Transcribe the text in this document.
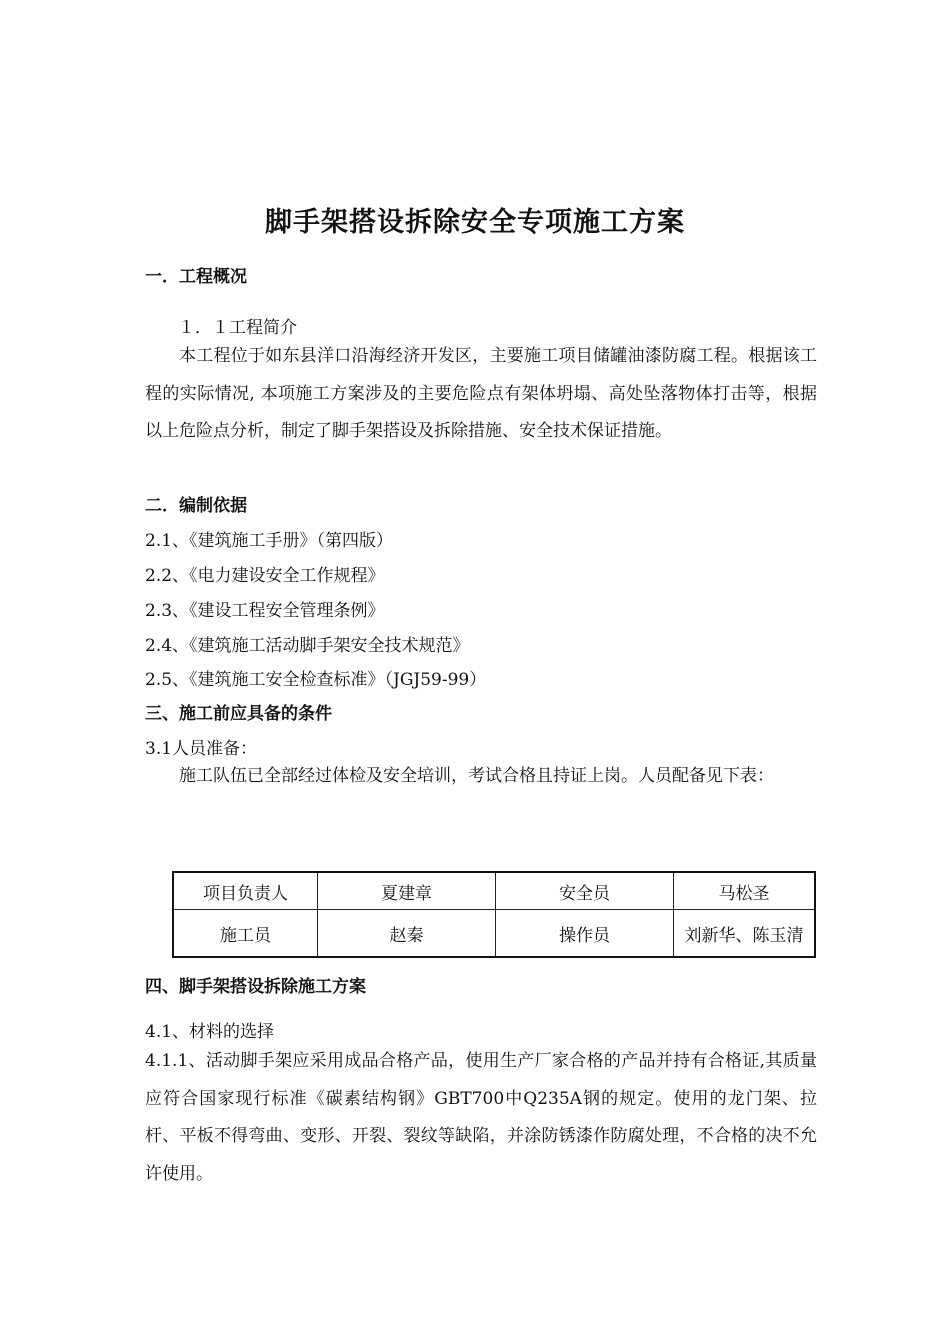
脚手架搭设拆除安全专项施工方案
一．工程概况
１．１工程简介
本工程位于如东县洋口沿海经济开发区，主要施工项目储罐油漆防腐工程。根据该工程的实际情况, 本项施工方案涉及的主要危险点有架体坍塌、高处坠落物体打击等，根据以上危险点分析，制定了脚手架搭设及拆除措施、安全技术保证措施。
二．编制依据
2.1、《建筑施工手册》（第四版）
2.2、《电力建设安全工作规程》
2.3、《建设工程安全管理条例》
2.4、《建筑施工活动脚手架安全技术规范》
2.5、《建筑施工安全检查标准》（JGJ59-99）
三、施工前应具备的条件
3.1人员准备：
施工队伍已全部经过体检及安全培训，考试合格且持证上岗。人员配备见下表：
项目负责人	夏建章	安全员	马松圣
施工员	赵秦	操作员	刘新华、陈玉清
四、脚手架搭设拆除施工方案
4.1、材料的选择
4.1.1、活动脚手架应采用成品合格产品，使用生产厂家合格的产品并持有合格证,其质量应符合国家现行标准《碳素结构钢》GBT700中Q235A钢的规定。使用的龙门架、拉杆、平板不得弯曲、变形、开裂、裂纹等缺陷，并涂防锈漆作防腐处理，不合格的决不允许使用。
